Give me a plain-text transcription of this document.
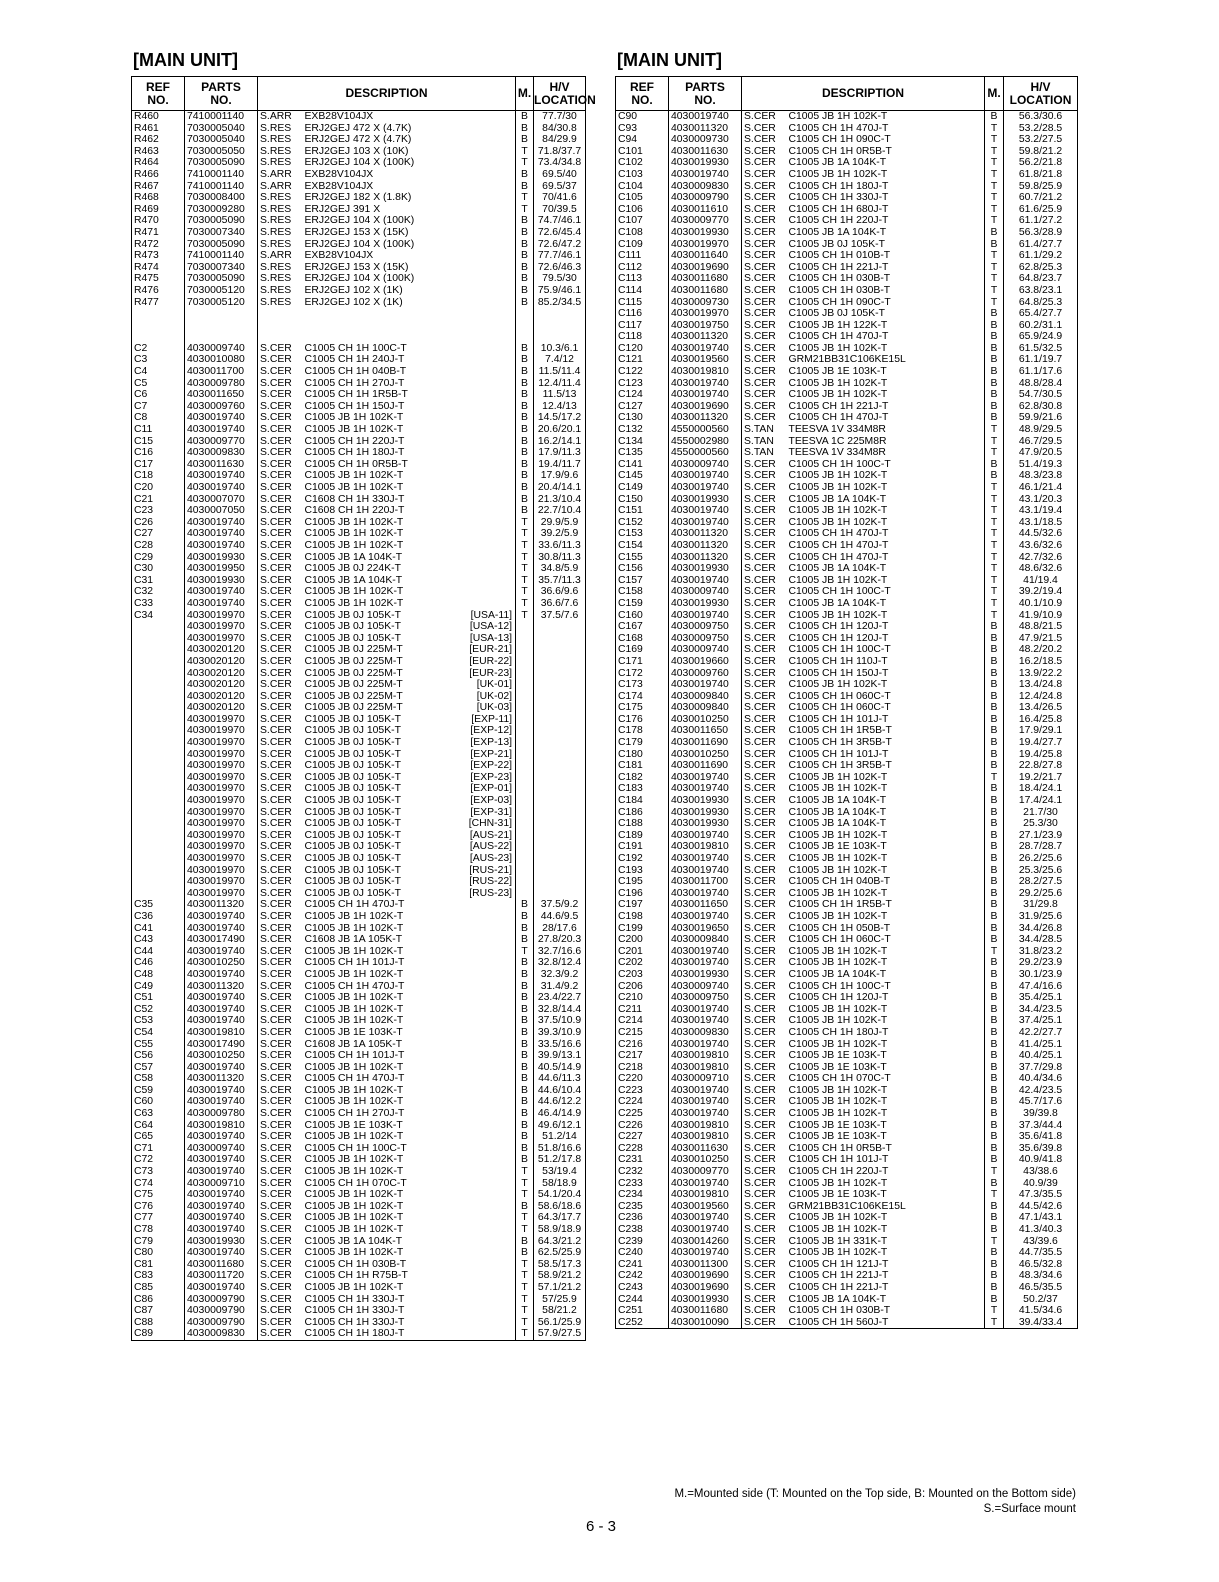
[MAIN UNIT]
REF
NO.	PARTS
NO.	DESCRIPTION		M.	H/V
LOCATION
R460	7410001140	S.ARR	EXB28V104JX	B	77.7/30
R461	7030005040	S.RES	ERJ2GEJ 472 X (4.7K)	B	84/30.8
R462	7030005040	S.RES	ERJ2GEJ 472 X (4.7K)	B	84/29.9
R463	7030005050	S.RES	ERJ2GEJ 103 X (10K)	T	71.8/37.7
R464	7030005090	S.RES	ERJ2GEJ 104 X (100K)	T	73.4/34.8
R466	7410001140	S.ARR	EXB28V104JX	B	69.5/40
R467	7410001140	S.ARR	EXB28V104JX	B	69.5/37
R468	7030008400	S.RES	ERJ2GEJ 182 X (1.8K)	T	70/41.6
R469	7030009280	S.RES	ERJ2GEJ 391 X	T	70/39.5
R470	7030005090	S.RES	ERJ2GEJ 104 X (100K)	B	74.7/46.1
R471	7030007340	S.RES	ERJ2GEJ 153 X (15K)	B	72.6/45.4
R472	7030005090	S.RES	ERJ2GEJ 104 X (100K)	B	72.6/47.2
R473	7410001140	S.ARR	EXB28V104JX	B	77.7/46.1
R474	7030007340	S.RES	ERJ2GEJ 153 X (15K)	B	72.6/46.3
R475	7030005090	S.RES	ERJ2GEJ 104 X (100K)	B	79.5/30
R476	7030005120	S.RES	ERJ2GEJ 102 X (1K)	B	75.9/46.1
R477	7030005120	S.RES	ERJ2GEJ 102 X (1K)	B	85.2/34.5

C2	4030009740	S.CER	C1005 CH 1H 100C-T	B	10.3/6.1
C3	4030010080	S.CER	C1005 CH 1H 240J-T	B	7.4/12
C4	4030011700	S.CER	C1005 CH 1H 040B-T	B	11.5/11.4
C5	4030009780	S.CER	C1005 CH 1H 270J-T	B	12.4/11.4
C6	4030011650	S.CER	C1005 CH 1H 1R5B-T	B	11.5/13
C7	4030009760	S.CER	C1005 CH 1H 150J-T	B	12.4/13
C8	4030019740	S.CER	C1005 JB 1H 102K-T	B	14.5/17.2
C11	4030019740	S.CER	C1005 JB 1H 102K-T	B	20.6/20.1
C15	4030009770	S.CER	C1005 CH 1H 220J-T	B	16.2/14.1
C16	4030009830	S.CER	C1005 CH 1H 180J-T	B	17.9/11.3
C17	4030011630	S.CER	C1005 CH 1H 0R5B-T	B	19.4/11.7
C18	4030019740	S.CER	C1005 JB 1H 102K-T	B	17.9/9.6
C20	4030019740	S.CER	C1005 JB 1H 102K-T	B	20.4/14.1
C21	4030007070	S.CER	C1608 CH 1H 330J-T	B	21.3/10.4
C23	4030007050	S.CER	C1608 CH 1H 220J-T	B	22.7/10.4
C26	4030019740	S.CER	C1005 JB 1H 102K-T	T	29.9/5.9
C27	4030019740	S.CER	C1005 JB 1H 102K-T	T	39.2/5.9
C28	4030019740	S.CER	C1005 JB 1H 102K-T	T	33.6/11.3
C29	4030019930	S.CER	C1005 JB 1A 104K-T	T	30.8/11.3
C30	4030019950	S.CER	C1005 JB 0J 224K-T	T	34.8/5.9
C31	4030019930	S.CER	C1005 JB 1A 104K-T	T	35.7/11.3
C32	4030019740	S.CER	C1005 JB 1H 102K-T	T	36.6/9.6
C33	4030019740	S.CER	C1005 JB 1H 102K-T	T	36.6/7.6
C34	4030019970	S.CER	C1005 JB 0J 105K-T [USA-11]	T	37.5/7.6
	4030019970	S.CER	C1005 JB 0J 105K-T [USA-12]		

	4030019970	S.CER	C1005 JB 0J 105K-T [USA-13]		

	4030020120	S.CER	C1005 JB 0J 225M-T [EUR-21]		

	4030020120	S.CER	C1005 JB 0J 225M-T [EUR-22]		

	4030020120	S.CER	C1005 JB 0J 225M-T [EUR-23]		

	4030020120	S.CER	C1005 JB 0J 225M-T [UK-01]		

	4030020120	S.CER	C1005 JB 0J 225M-T [UK-02]		

	4030020120	S.CER	C1005 JB 0J 225M-T [UK-03]		

	4030019970	S.CER	C1005 JB 0J 105K-T [EXP-11]		

	4030019970	S.CER	C1005 JB 0J 105K-T [EXP-12]		

	4030019970	S.CER	C1005 JB 0J 105K-T [EXP-13]		

	4030019970	S.CER	C1005 JB 0J 105K-T [EXP-21]		

	4030019970	S.CER	C1005 JB 0J 105K-T [EXP-22]		

	4030019970	S.CER	C1005 JB 0J 105K-T [EXP-23]		

	4030019970	S.CER	C1005 JB 0J 105K-T [EXP-01]		

	4030019970	S.CER	C1005 JB 0J 105K-T [EXP-03]		

	4030019970	S.CER	C1005 JB 0J 105K-T [EXP-31]		

	4030019970	S.CER	C1005 JB 0J 105K-T [CHN-31]		

	4030019970	S.CER	C1005 JB 0J 105K-T [AUS-21]		

	4030019970	S.CER	C1005 JB 0J 105K-T [AUS-22]		

	4030019970	S.CER	C1005 JB 0J 105K-T [AUS-23]		

	4030019970	S.CER	C1005 JB 0J 105K-T [RUS-21]		

	4030019970	S.CER	C1005 JB 0J 105K-T [RUS-22]		

	4030019970	S.CER	C1005 JB 0J 105K-T [RUS-23]		

C35	4030011320	S.CER	C1005 CH 1H 470J-T	B	37.5/9.2
C36	4030019740	S.CER	C1005 JB 1H 102K-T	B	44.6/9.5
C41	4030019740	S.CER	C1005 JB 1H 102K-T	B	28/17.6
C43	4030017490	S.CER	C1608 JB 1A 105K-T	B	27.8/20.3
C44	4030019740	S.CER	C1005 JB 1H 102K-T	T	32.7/16.6
C46	4030010250	S.CER	C1005 CH 1H 101J-T	B	32.8/12.4
C48	4030019740	S.CER	C1005 JB 1H 102K-T	B	32.3/9.2
C49	4030011320	S.CER	C1005 CH 1H 470J-T	B	31.4/9.2
C51	4030019740	S.CER	C1005 JB 1H 102K-T	B	23.4/22.7
C52	4030019740	S.CER	C1005 JB 1H 102K-T	B	32.8/14.4
C53	4030019740	S.CER	C1005 JB 1H 102K-T	B	37.5/10.9
C54	4030019810	S.CER	C1005 JB 1E 103K-T	B	39.3/10.9
C55	4030017490	S.CER	C1608 JB 1A 105K-T	B	33.5/16.6
C56	4030010250	S.CER	C1005 CH 1H 101J-T	B	39.9/13.1
C57	4030019740	S.CER	C1005 JB 1H 102K-T	B	40.5/14.9
C58	4030011320	S.CER	C1005 CH 1H 470J-T	B	44.6/11.3
C59	4030019740	S.CER	C1005 JB 1H 102K-T	B	44.6/10.4
C60	4030019740	S.CER	C1005 JB 1H 102K-T	B	44.6/12.2
C63	4030009780	S.CER	C1005 CH 1H 270J-T	B	46.4/14.9
C64	4030019810	S.CER	C1005 JB 1E 103K-T	B	49.6/12.1
C65	4030019740	S.CER	C1005 JB 1H 102K-T	B	51.2/14
C71	4030009740	S.CER	C1005 CH 1H 100C-T	B	51.8/16.6
C72	4030019740	S.CER	C1005 JB 1H 102K-T	B	51.2/17.8
C73	4030019740	S.CER	C1005 JB 1H 102K-T	T	53/19.4
C74	4030009710	S.CER	C1005 CH 1H 070C-T	T	58/18.9
C75	4030019740	S.CER	C1005 JB 1H 102K-T	T	54.1/20.4
C76	4030019740	S.CER	C1005 JB 1H 102K-T	B	58.6/18.6
C77	4030019740	S.CER	C1005 JB 1H 102K-T	T	64.3/17.7
C78	4030019740	S.CER	C1005 JB 1H 102K-T	T	58.9/18.9
C79	4030019930	S.CER	C1005 JB 1A 104K-T	B	64.3/21.2
C80	4030019740	S.CER	C1005 JB 1H 102K-T	B	62.5/25.9
C81	4030011680	S.CER	C1005 CH 1H 030B-T	T	58.5/17.3
C83	4030011720	S.CER	C1005 CH 1H R75B-T	T	58.9/21.2
C85	4030019740	S.CER	C1005 JB 1H 102K-T	T	57.1/21.2
C86	4030009790	S.CER	C1005 CH 1H 330J-T	T	57/25.9
C87	4030009790	S.CER	C1005 CH 1H 330J-T	T	58/21.2
C88	4030009790	S.CER	C1005 CH 1H 330J-T	T	56.1/25.9
C89	4030009830	S.CER	C1005 CH 1H 180J-T	T	57.9/27.5
[MAIN UNIT]
REF
NO.	PARTS
NO.	DESCRIPTION		M.	H/V
LOCATION
C90	4030019740	S.CER	C1005 JB 1H 102K-T	B	56.3/30.6
C93	4030011320	S.CER	C1005 CH 1H 470J-T	T	53.2/28.5
C94	4030009730	S.CER	C1005 CH 1H 090C-T	T	53.2/27.5
C101	4030011630	S.CER	C1005 CH 1H 0R5B-T	T	59.8/21.2
C102	4030019930	S.CER	C1005 JB 1A 104K-T	T	56.2/21.8
C103	4030019740	S.CER	C1005 JB 1H 102K-T	T	61.8/21.8
C104	4030009830	S.CER	C1005 CH 1H 180J-T	T	59.8/25.9
C105	4030009790	S.CER	C1005 CH 1H 330J-T	T	60.7/21.2
C106	4030011610	S.CER	C1005 CH 1H 680J-T	T	61.6/25.9
C107	4030009770	S.CER	C1005 CH 1H 220J-T	T	61.1/27.2
C108	4030019930	S.CER	C1005 JB 1A 104K-T	B	56.3/28.9
C109	4030019970	S.CER	C1005 JB 0J 105K-T	B	61.4/27.7
C111	4030011640	S.CER	C1005 CH 1H 010B-T	T	61.1/29.2
C112	4030019690	S.CER	C1005 CH 1H 221J-T	T	62.8/25.3
C113	4030011680	S.CER	C1005 CH 1H 030B-T	T	64.8/23.7
C114	4030011680	S.CER	C1005 CH 1H 030B-T	T	63.8/23.1
C115	4030009730	S.CER	C1005 CH 1H 090C-T	T	64.8/25.3
C116	4030019970	S.CER	C1005 JB 0J 105K-T	B	65.4/27.7
C117	4030019750	S.CER	C1005 JB 1H 122K-T	B	60.2/31.1
C118	4030011320	S.CER	C1005 CH 1H 470J-T	B	65.9/24.9
C120	4030019740	S.CER	C1005 JB 1H 102K-T	B	61.5/32.5
C121	4030019560	S.CER	GRM21BB31C106KE15L	B	61.1/19.7
C122	4030019810	S.CER	C1005 JB 1E 103K-T	B	61.1/17.6
C123	4030019740	S.CER	C1005 JB 1H 102K-T	B	48.8/28.4
C124	4030019740	S.CER	C1005 JB 1H 102K-T	B	54.7/30.5
C127	4030019690	S.CER	C1005 CH 1H 221J-T	B	62.8/30.8
C130	4030011320	S.CER	C1005 CH 1H 470J-T	B	59.9/21.6
C132	4550000560	S.TAN	TEESVA 1V 334M8R	T	48.9/29.5
C134	4550002980	S.TAN	TEESVA 1C 225M8R	T	46.7/29.5
C135	4550000560	S.TAN	TEESVA 1V 334M8R	T	47.9/20.5
C141	4030009740	S.CER	C1005 CH 1H 100C-T	B	51.4/19.3
C145	4030019740	S.CER	C1005 JB 1H 102K-T	B	48.3/23.8
C149	4030019740	S.CER	C1005 JB 1H 102K-T	T	46.1/21.4
C150	4030019930	S.CER	C1005 JB 1A 104K-T	T	43.1/20.3
C151	4030019740	S.CER	C1005 JB 1H 102K-T	T	43.1/19.4
C152	4030019740	S.CER	C1005 JB 1H 102K-T	T	43.1/18.5
C153	4030011320	S.CER	C1005 CH 1H 470J-T	T	44.5/32.6
C154	4030011320	S.CER	C1005 CH 1H 470J-T	T	43.6/32.6
C155	4030011320	S.CER	C1005 CH 1H 470J-T	T	42.7/32.6
C156	4030019930	S.CER	C1005 JB 1A 104K-T	T	48.6/32.6
C157	4030019740	S.CER	C1005 JB 1H 102K-T	T	41/19.4
C158	4030009740	S.CER	C1005 CH 1H 100C-T	T	39.2/19.4
C159	4030019930	S.CER	C1005 JB 1A 104K-T	T	40.1/10.9
C160	4030019740	S.CER	C1005 JB 1H 102K-T	T	41.9/10.9
C167	4030009750	S.CER	C1005 CH 1H 120J-T	B	48.8/21.5
C168	4030009750	S.CER	C1005 CH 1H 120J-T	B	47.9/21.5
C169	4030009740	S.CER	C1005 CH 1H 100C-T	B	48.2/20.2
C171	4030019660	S.CER	C1005 CH 1H 110J-T	B	16.2/18.5
C172	4030009760	S.CER	C1005 CH 1H 150J-T	B	13.9/22.2
C173	4030019740	S.CER	C1005 JB 1H 102K-T	B	13.4/24.8
C174	4030009840	S.CER	C1005 CH 1H 060C-T	B	12.4/24.8
C175	4030009840	S.CER	C1005 CH 1H 060C-T	B	13.4/26.5
C176	4030010250	S.CER	C1005 CH 1H 101J-T	B	16.4/25.8
C178	4030011650	S.CER	C1005 CH 1H 1R5B-T	B	17.9/29.1
C179	4030011690	S.CER	C1005 CH 1H 3R5B-T	B	19.4/27.7
C180	4030010250	S.CER	C1005 CH 1H 101J-T	B	19.4/25.8
C181	4030011690	S.CER	C1005 CH 1H 3R5B-T	B	22.8/27.8
C182	4030019740	S.CER	C1005 JB 1H 102K-T	T	19.2/21.7
C183	4030019740	S.CER	C1005 JB 1H 102K-T	B	18.4/24.1
C184	4030019930	S.CER	C1005 JB 1A 104K-T	B	17.4/24.1
C186	4030019930	S.CER	C1005 JB 1A 104K-T	B	21.7/30
C188	4030019930	S.CER	C1005 JB 1A 104K-T	B	25.3/30
C189	4030019740	S.CER	C1005 JB 1H 102K-T	B	27.1/23.9
C191	4030019810	S.CER	C1005 JB 1E 103K-T	B	28.7/28.7
C192	4030019740	S.CER	C1005 JB 1H 102K-T	B	26.2/25.6
C193	4030019740	S.CER	C1005 JB 1H 102K-T	B	25.3/25.6
C195	4030011700	S.CER	C1005 CH 1H 040B-T	B	28.2/27.5
C196	4030019740	S.CER	C1005 JB 1H 102K-T	B	29.2/25.6
C197	4030011650	S.CER	C1005 CH 1H 1R5B-T	B	31/29.8
C198	4030019740	S.CER	C1005 JB 1H 102K-T	B	31.9/25.6
C199	4030019650	S.CER	C1005 CH 1H 050B-T	B	34.4/26.8
C200	4030009840	S.CER	C1005 CH 1H 060C-T	B	34.4/28.5
C201	4030019740	S.CER	C1005 JB 1H 102K-T	T	31.8/23.2
C202	4030019740	S.CER	C1005 JB 1H 102K-T	B	29.2/23.9
C203	4030019930	S.CER	C1005 JB 1A 104K-T	B	30.1/23.9
C206	4030009740	S.CER	C1005 CH 1H 100C-T	B	47.4/16.6
C210	4030009750	S.CER	C1005 CH 1H 120J-T	B	35.4/25.1
C211	4030019740	S.CER	C1005 JB 1H 102K-T	B	34.4/23.5
C214	4030019740	S.CER	C1005 JB 1H 102K-T	B	37.4/25.1
C215	4030009830	S.CER	C1005 CH 1H 180J-T	B	42.2/27.7
C216	4030019740	S.CER	C1005 JB 1H 102K-T	B	41.4/25.1
C217	4030019810	S.CER	C1005 JB 1E 103K-T	B	40.4/25.1
C218	4030019810	S.CER	C1005 JB 1E 103K-T	B	37.7/29.8
C220	4030009710	S.CER	C1005 CH 1H 070C-T	B	40.4/34.6
C223	4030019740	S.CER	C1005 JB 1H 102K-T	B	42.4/23.5
C224	4030019740	S.CER	C1005 JB 1H 102K-T	B	45.7/17.6
C225	4030019740	S.CER	C1005 JB 1H 102K-T	B	39/39.8
C226	4030019810	S.CER	C1005 JB 1E 103K-T	B	37.3/44.4
C227	4030019810	S.CER	C1005 JB 1E 103K-T	B	35.6/41.8
C228	4030011630	S.CER	C1005 CH 1H 0R5B-T	B	35.6/39.8
C231	4030010250	S.CER	C1005 CH 1H 101J-T	B	40.9/41.8
C232	4030009770	S.CER	C1005 CH 1H 220J-T	T	43/38.6
C233	4030019740	S.CER	C1005 JB 1H 102K-T	B	40.9/39
C234	4030019810	S.CER	C1005 JB 1E 103K-T	T	47.3/35.5
C235	4030019560	S.CER	GRM21BB31C106KE15L	B	44.5/42.6
C236	4030019740	S.CER	C1005 JB 1H 102K-T	B	47.1/43.1
C238	4030019740	S.CER	C1005 JB 1H 102K-T	B	41.3/40.3
C239	4030014260	S.CER	C1005 JB 1H 331K-T	T	43/39.6
C240	4030019740	S.CER	C1005 JB 1H 102K-T	B	44.7/35.5
C241	4030011300	S.CER	C1005 CH 1H 121J-T	B	46.5/32.8
C242	4030019690	S.CER	C1005 CH 1H 221J-T	B	48.3/34.6
C243	4030019690	S.CER	C1005 CH 1H 221J-T	B	46.5/35.5
C244	4030019930	S.CER	C1005 JB 1A 104K-T	B	50.2/37
C251	4030011680	S.CER	C1005 CH 1H 030B-T	T	41.5/34.6
C252	4030010090	S.CER	C1005 CH 1H 560J-T	T	39.4/33.4
M.=Mounted side (T: Mounted on the Top side, B: Mounted on the Bottom side)
S.=Surface mount
6 - 3
